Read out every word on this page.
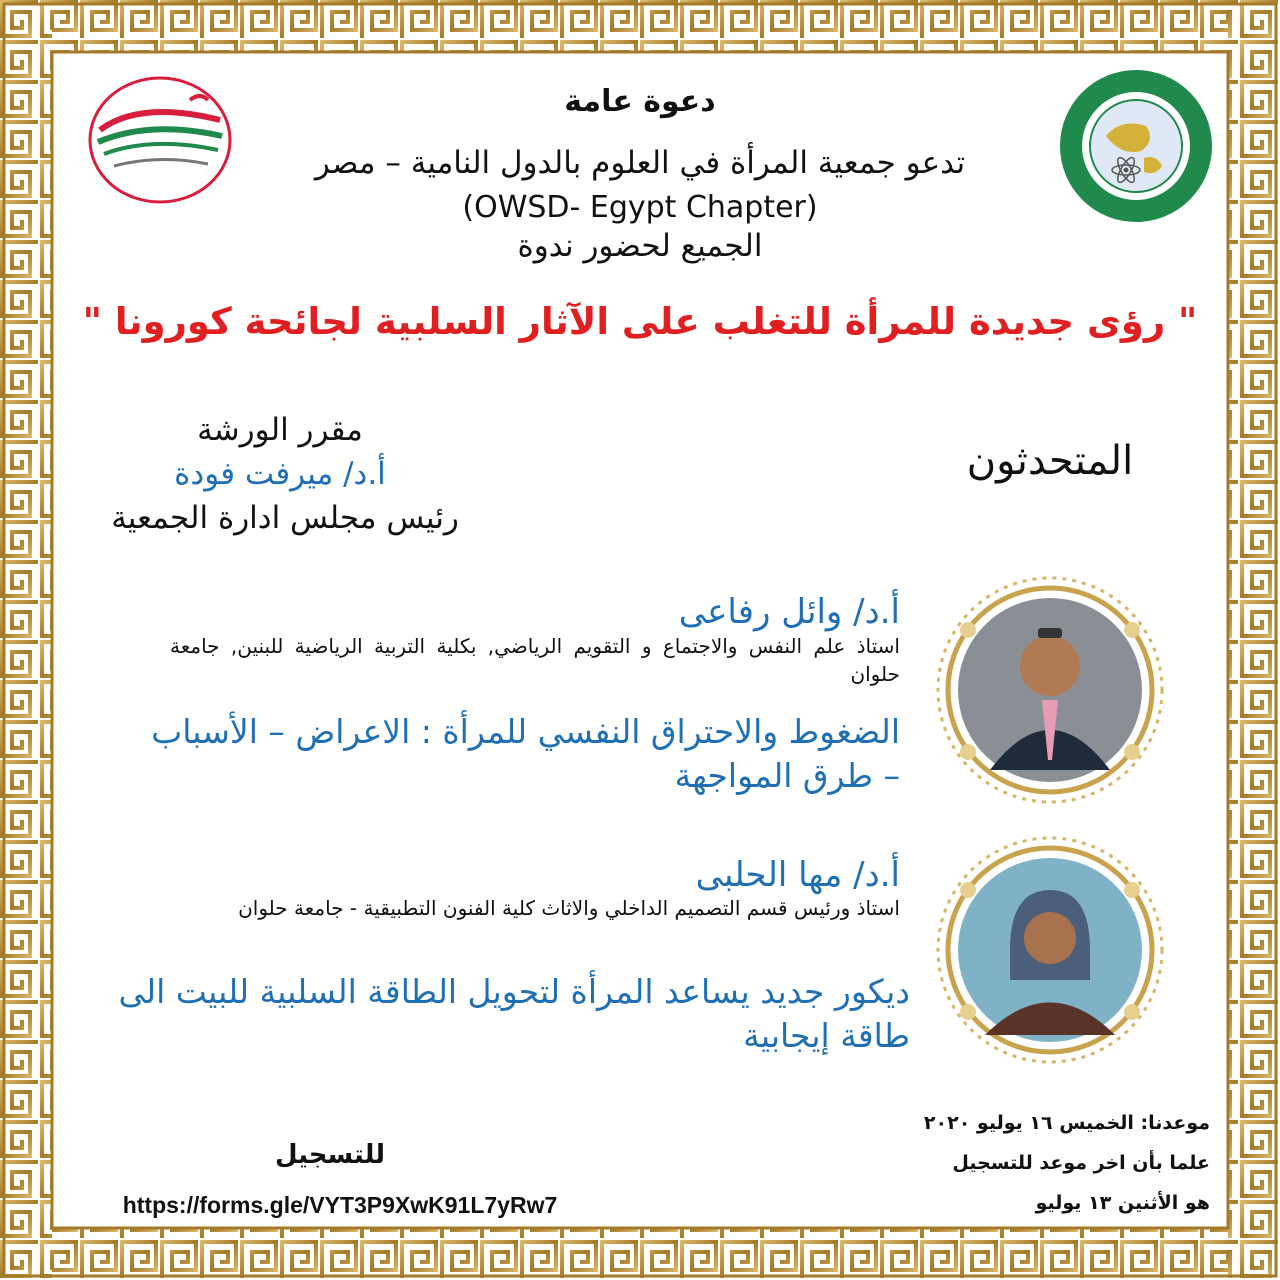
دعوة عامة
تدعو جمعية المرأة في العلوم بالدول النامية – مصر
(OWSD- Egypt Chapter)
الجميع لحضور ندوة
" رؤى جديدة للمرأة للتغلب على الآثار السلبية لجائحة كورونا "
مقرر الورشة
أ.د/ ميرفت فودة
رئيس مجلس ادارة الجمعية
المتحدثون
أ.د/ وائل رفاعى
استاذ علم النفس والاجتماع و التقويم الرياضي, بكلية التربية الرياضية للبنين, جامعة حلوان
الضغوط والاحتراق النفسي للمرأة : الاعراض – الأسباب – طرق المواجهة
أ.د/ مها الحلبى
استاذ ورئيس قسم التصميم الداخلي والاثاث كلية الفنون التطبيقية - جامعة حلوان
ديكور جديد يساعد المرأة لتحويل الطاقة السلبية للبيت الى طاقة إيجابية
موعدنا: الخميس ١٦ يوليو ٢٠٢٠
علما بأن اخر موعد للتسجيل
هو الأثنين ١٣ يوليو
للتسجيل
https://forms.gle/VYT3P9XwK91L7yRw7
